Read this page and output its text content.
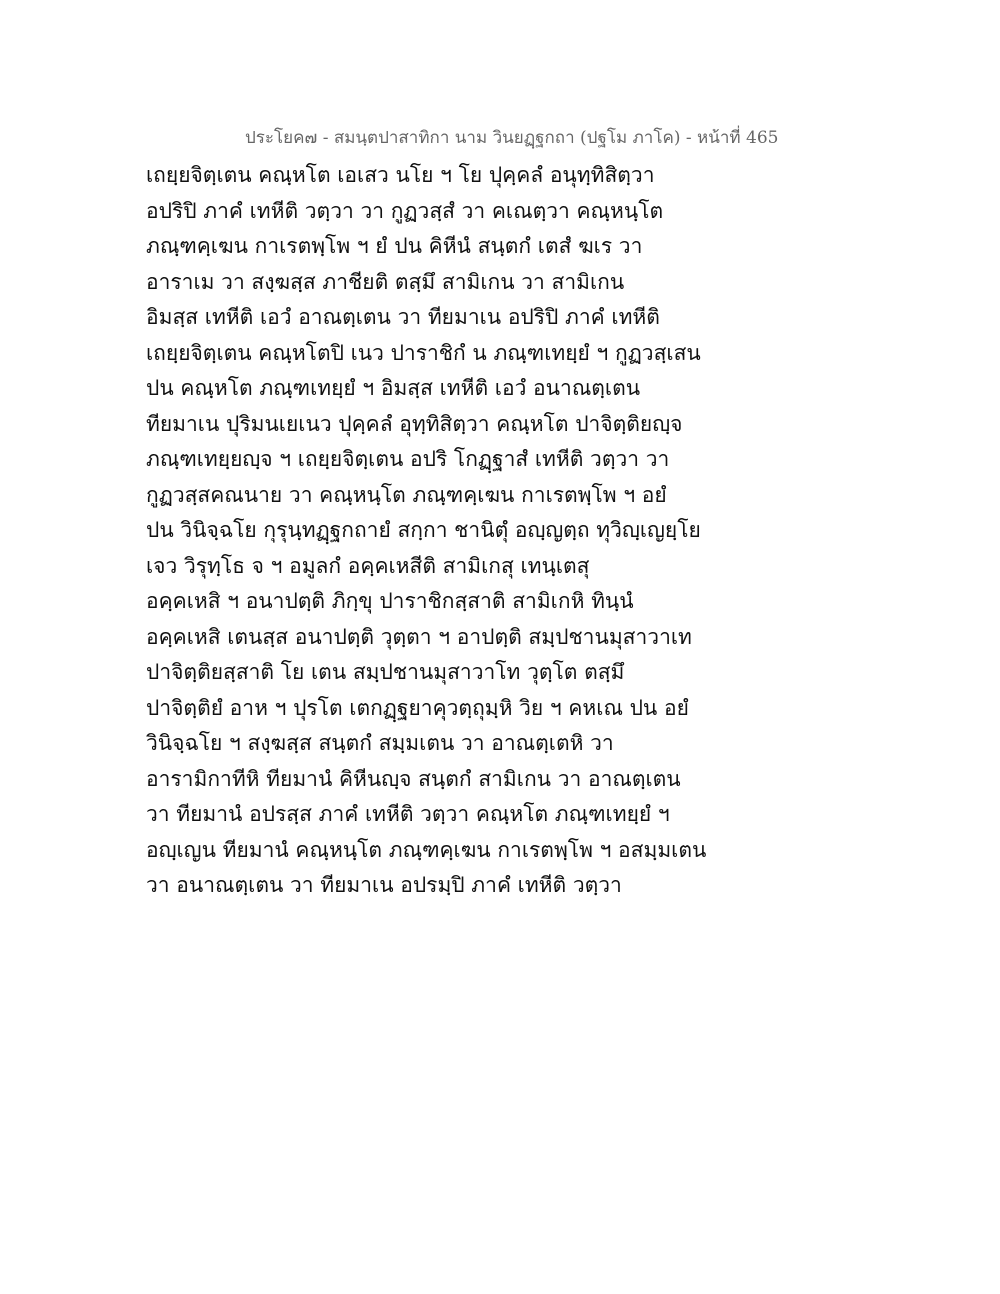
ประโยค๗ - สมนฺตปาสาทิกา นาม วินยฏฺฐกถา (ปฐโม ภาโค) - หน้าที่ 465
เถยฺยจิตฺเตน คณฺหโต เอเสว นโย ฯ โย ปุคฺคลํ อนุทฺทิสิตฺวา
อปริปิ ภาคํ เทหีติ วตฺวา วา กูฏวสฺสํ วา คเณตฺวา คณฺหนฺโต
ภณฺฑคฺเฆน กาเรตพฺโพ ฯ ยํ ปน คิหีนํ สนฺตกํ เตสํ ฆเร วา
อาราเม วา สงฺฆสฺส ภาชียติ ตสฺมึ สามิเกน วา สามิเกน
อิมสฺส เทหีติ เอวํ อาณตฺเตน วา ทียมาเน อปริปิ ภาคํ เทหีติ
เถยฺยจิตฺเตน คณฺหโตปิ เนว ปาราชิกํ น ภณฺฑเทยฺยํ ฯ กูฏวสฺเสน
ปน คณฺหโต ภณฺฑเทยฺยํ ฯ อิมสฺส เทหีติ เอวํ อนาณตฺเตน
ทียมาเน ปุริมนเยเนว ปุคฺคลํ อุทฺทิสิตฺวา คณฺหโต ปาจิตฺติยญฺจ
ภณฺฑเทยฺยญฺจ ฯ เถยฺยจิตฺเตน อปริ โกฏฺฐาสํ เทหีติ วตฺวา วา
กูฏวสฺสคณนาย วา คณฺหนฺโต ภณฺฑคฺเฆน กาเรตพฺโพ ฯ อยํ
ปน วินิจฺฉโย กุรุนฺทฏฺฐกถายํ สกฺกา ชานิตุํ อญฺญตฺถ ทุวิญฺเญยฺโย
เจว วิรุทฺโธ จ ฯ อมูลกํ อคฺคเหสีติ สามิเกสุ เทนฺเตสุ
อคฺคเหสิ ฯ อนาปตฺติ ภิกฺขุ ปาราชิกสฺสาติ สามิเกหิ ทินฺนํ
อคฺคเหสิ เตนสฺส อนาปตฺติ วุตฺตา ฯ อาปตฺติ สมฺปชานมุสาวาเท
ปาจิตฺติยสฺสาติ โย เตน สมฺปชานมุสาวาโท วุตฺโต ตสฺมึ
ปาจิตฺติยํ อาห ฯ ปุรโต เตกฏฺฐยาคุวตฺถุมฺหิ วิย ฯ คหเณ ปน อยํ
วินิจฺฉโย ฯ สงฺฆสฺส สนฺตกํ สมฺมเตน วา อาณตฺเตหิ วา
อารามิกาทีหิ ทียมานํ คิหีนญฺจ สนฺตกํ สามิเกน วา อาณตฺเตน
วา ทียมานํ อปรสฺส ภาคํ เทหีติ วตฺวา คณฺหโต ภณฺฑเทยฺยํ ฯ
อญฺเญน ทียมานํ คณฺหนฺโต ภณฺฑคฺเฆน กาเรตพฺโพ ฯ อสมฺมเตน
วา อนาณตฺเตน วา ทียมาเน อปรมฺปิ ภาคํ เทหีติ วตฺวา
